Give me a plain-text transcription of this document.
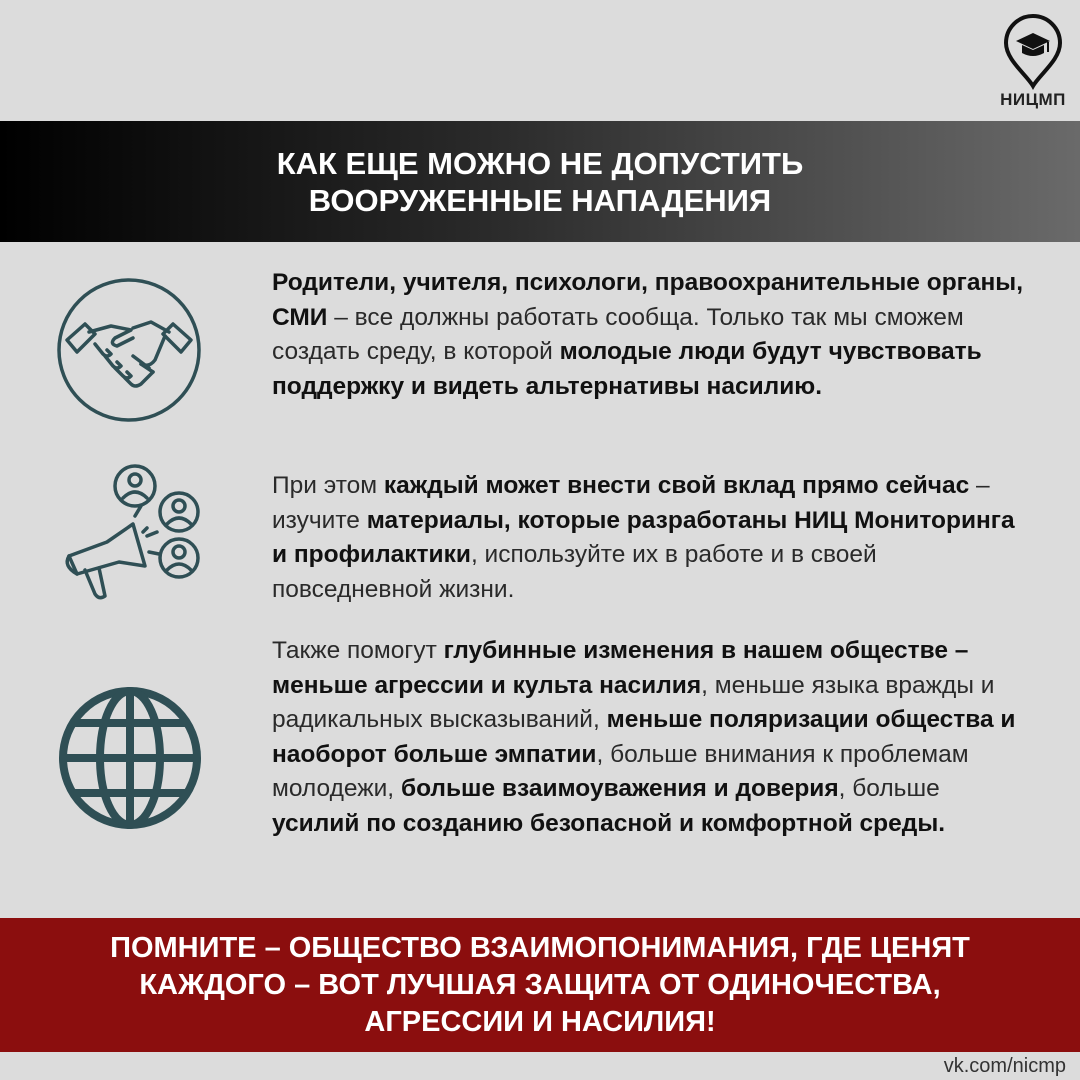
НИЦМП
КАК ЕЩЕ МОЖНО НЕ ДОПУСТИТЬ
ВООРУЖЕННЫЕ НАПАДЕНИЯ
Родители, учителя, психологи, правоохранительные органы, СМИ – все должны работать сообща. Только так мы сможем создать среду, в которой молодые люди будут чувствовать поддержку и видеть альтернативы насилию.
При этом каждый может внести свой вклад прямо сейчас – изучите материалы, которые разработаны НИЦ Мониторинга и профилактики, используйте их в работе и в своей повседневной жизни.
Также помогут глубинные изменения в нашем обществе – меньше агрессии и культа насилия, меньше языка вражды и радикальных высказываний, меньше поляризации общества и наоборот больше эмпатии, больше внимания к проблемам молодежи, больше взаимоуважения и доверия, больше усилий по созданию безопасной и комфортной среды.
ПОМНИТЕ – ОБЩЕСТВО ВЗАИМОПОНИМАНИЯ, ГДЕ ЦЕНЯТ
КАЖДОГО – ВОТ ЛУЧШАЯ ЗАЩИТА ОТ ОДИНОЧЕСТВА,
АГРЕССИИ И НАСИЛИЯ!
vk.com/nicmp
